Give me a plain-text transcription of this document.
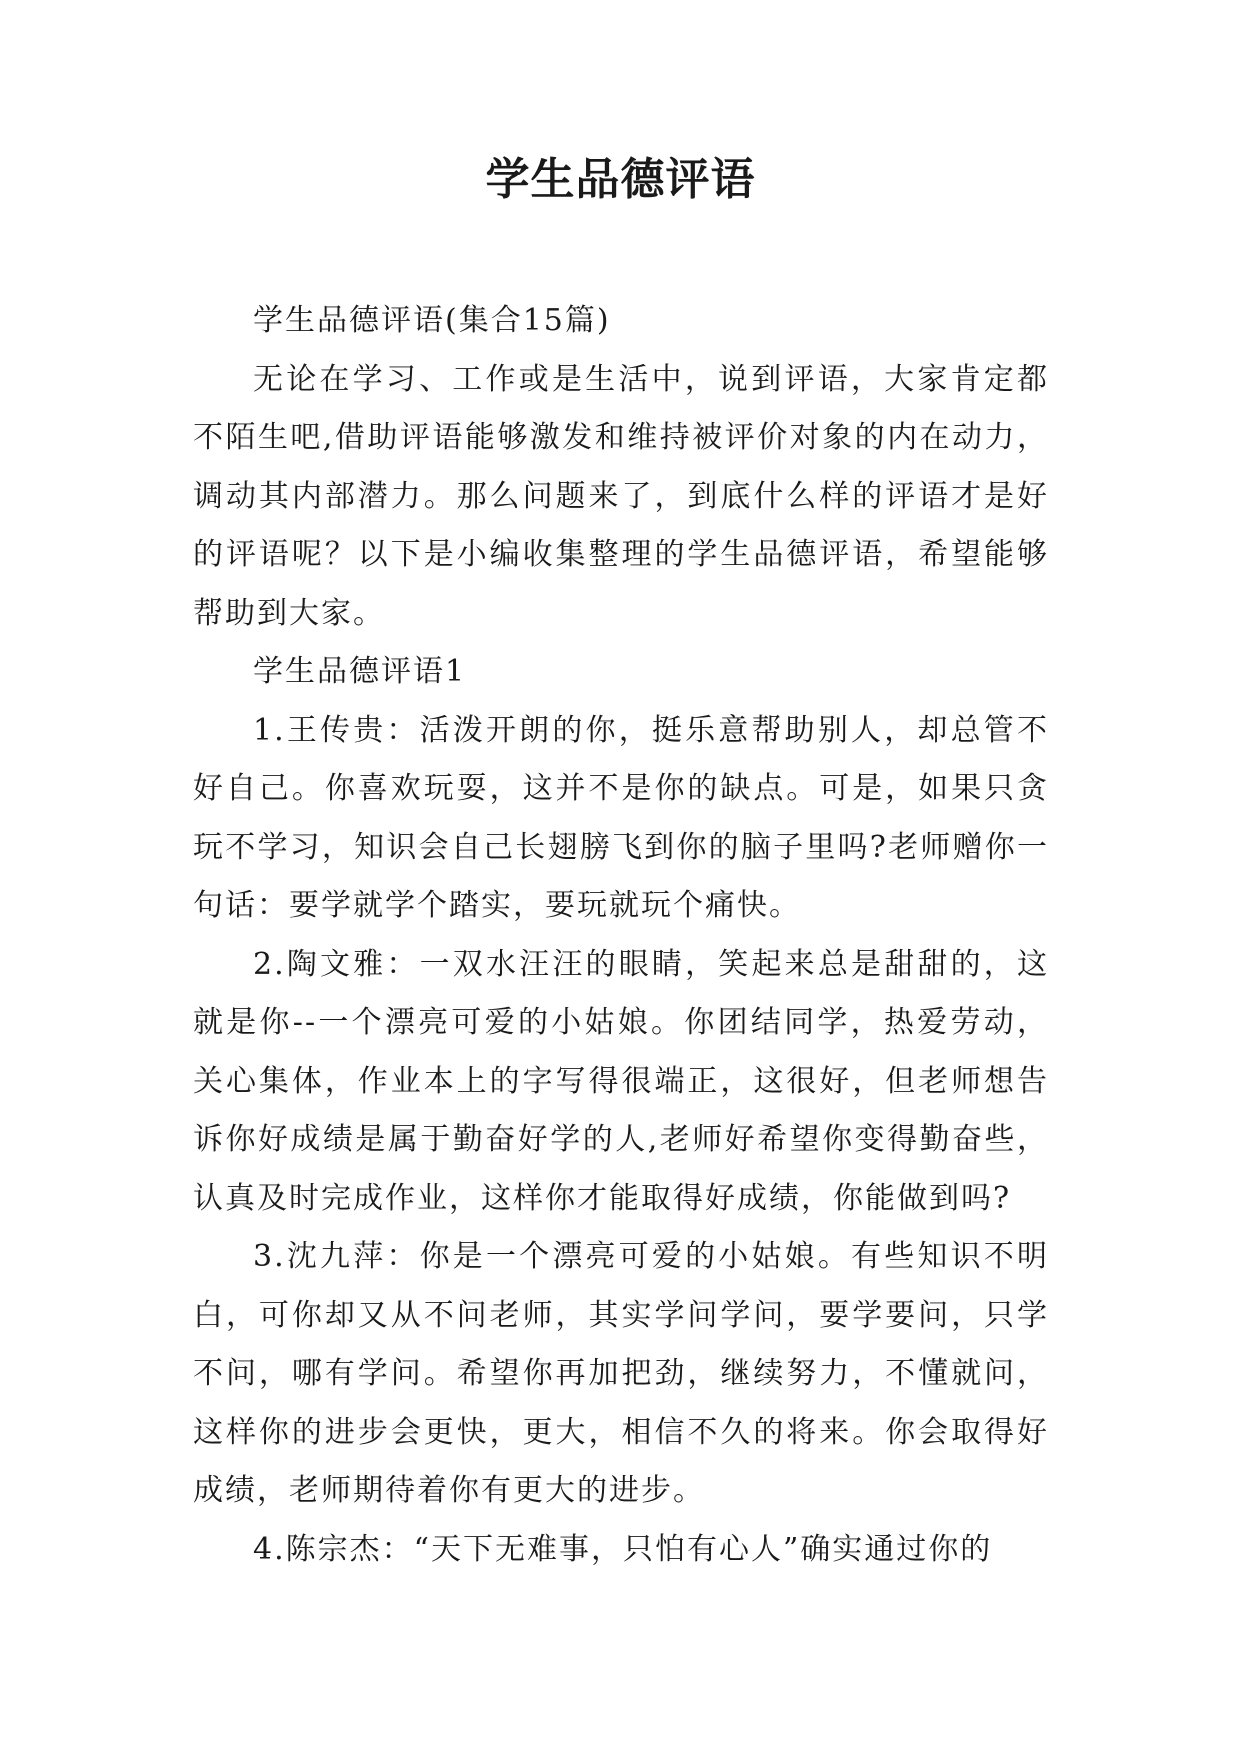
学生品德评语

学生品德评语(集合15篇)

无论在学习、工作或是生活中，说到评语，大家肯定都不陌生吧,借助评语能够激发和维持被评价对象的内在动力，调动其内部潜力。那么问题来了，到底什么样的评语才是好的评语呢？以下是小编收集整理的学生品德评语，希望能够帮助到大家。

学生品德评语1

1.王传贵：活泼开朗的你，挺乐意帮助别人，却总管不好自己。你喜欢玩耍，这并不是你的缺点。可是，如果只贪玩不学习，知识会自己长翅膀飞到你的脑子里吗?老师赠你一句话：要学就学个踏实，要玩就玩个痛快。

2.陶文雅：一双水汪汪的眼睛，笑起来总是甜甜的，这就是你--一个漂亮可爱的小姑娘。你团结同学，热爱劳动，关心集体，作业本上的字写得很端正，这很好，但老师想告诉你好成绩是属于勤奋好学的人,老师好希望你变得勤奋些，认真及时完成作业，这样你才能取得好成绩，你能做到吗?

3.沈九萍：你是一个漂亮可爱的小姑娘。有些知识不明白，可你却又从不问老师，其实学问学问，要学要问，只学不问，哪有学问。希望你再加把劲，继续努力，不懂就问，这样你的进步会更快，更大，相信不久的将来。你会取得好成绩，老师期待着你有更大的进步。

4.陈宗杰：“天下无难事，只怕有心人”确实通过你的
